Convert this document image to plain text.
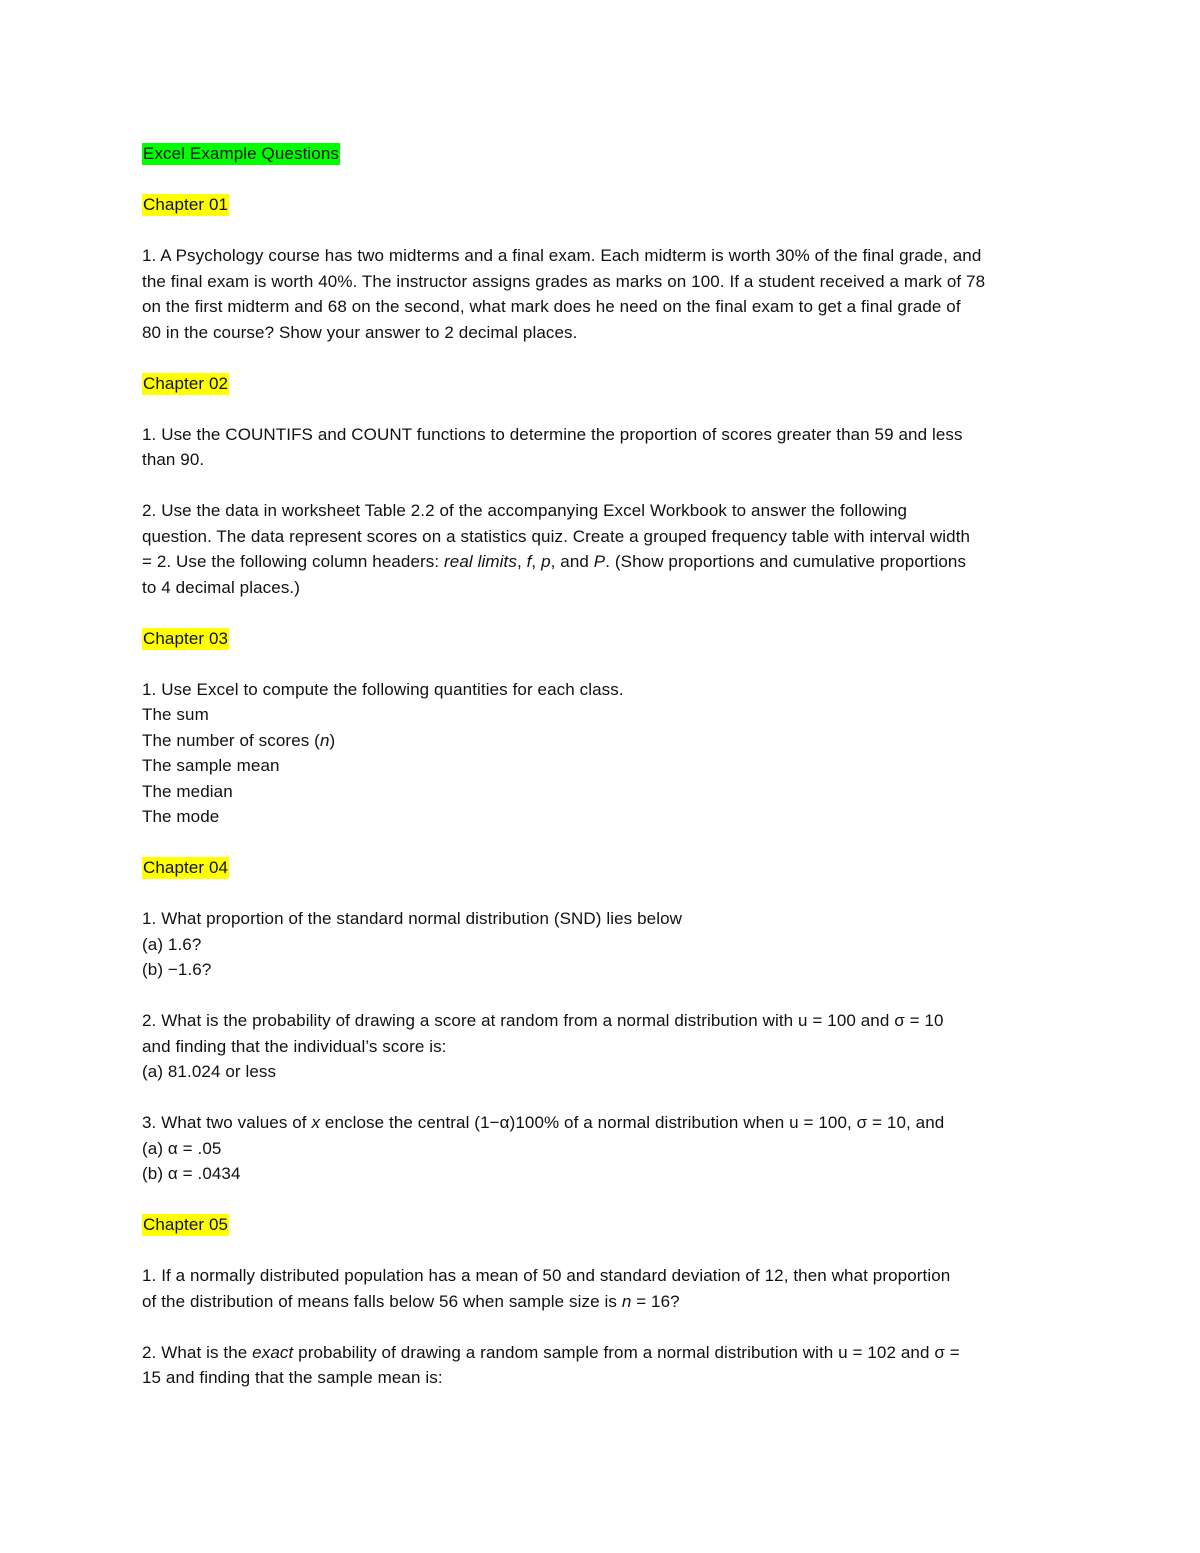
Excel Example Questions

Chapter 01

1. A Psychology course has two midterms and a final exam. Each midterm is worth 30% of the final grade, and
the final exam is worth 40%. The instructor assigns grades as marks on 100. If a student received a mark of 78
on the first midterm and 68 on the second, what mark does he need on the final exam to get a final grade of
80 in the course? Show your answer to 2 decimal places.

Chapter 02

1. Use the COUNTIFS and COUNT functions to determine the proportion of scores greater than 59 and less
than 90.

2. Use the data in worksheet Table 2.2 of the accompanying Excel Workbook to answer the following
question. The data represent scores on a statistics quiz. Create a grouped frequency table with interval width
= 2. Use the following column headers: real limits, f, p, and P. (Show proportions and cumulative proportions
to 4 decimal places.)

Chapter 03

1. Use Excel to compute the following quantities for each class.
The sum
The number of scores (n)
The sample mean
The median
The mode

Chapter 04

1. What proportion of the standard normal distribution (SND) lies below
(a) 1.6?
(b) −1.6?

2. What is the probability of drawing a score at random from a normal distribution with u = 100 and σ = 10
and finding that the individual’s score is:
(a) 81.024 or less

3. What two values of x enclose the central (1−α)100% of a normal distribution when u = 100, σ = 10, and
(a) α = .05
(b) α = .0434

Chapter 05

1. If a normally distributed population has a mean of 50 and standard deviation of 12, then what proportion
of the distribution of means falls below 56 when sample size is n = 16?

2. What is the exact probability of drawing a random sample from a normal distribution with u = 102 and σ =
15 and finding that the sample mean is:
